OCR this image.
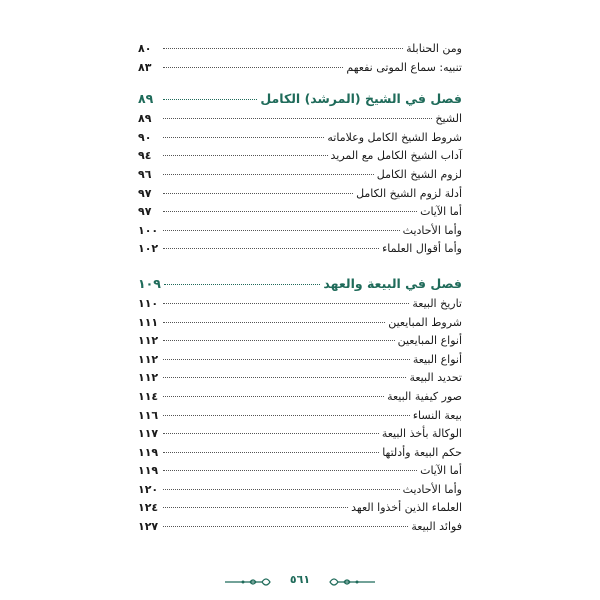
ومن الحنابلة
٨٠
تنبيه: سماع الموتى نفعهم
٨٣
فصل في الشيخ (المرشد) الكامل
٨٩
الشيخ
٨٩
شروط الشيخ الكامل وعلاماته
٩٠
آداب الشيخ الكامل مع المريد
٩٤
لزوم الشيخ الكامل
٩٦
أدلة لزوم الشيخ الكامل
٩٧
أما الآيات
٩٧
وأما الأحاديث
١٠٠
وأما أقوال العلماء
١٠٢
فصل في البيعة والعهد
١٠٩
تاريخ البيعة
١١٠
شروط المبايعين
١١١
أنواع المبايعين
١١٢
أنواع البيعة
١١٢
تحديد البيعة
١١٢
صور كيفية البيعة
١١٤
بيعة النساء
١١٦
الوكالة بأخذ البيعة
١١٧
حكم البيعة وأدلتها
١١٩
أما الآيات
١١٩
وأما الأحاديث
١٢٠
العلماء الذين أخذوا العهد
١٢٤
فوائد البيعة
١٢٧
٥٦١
